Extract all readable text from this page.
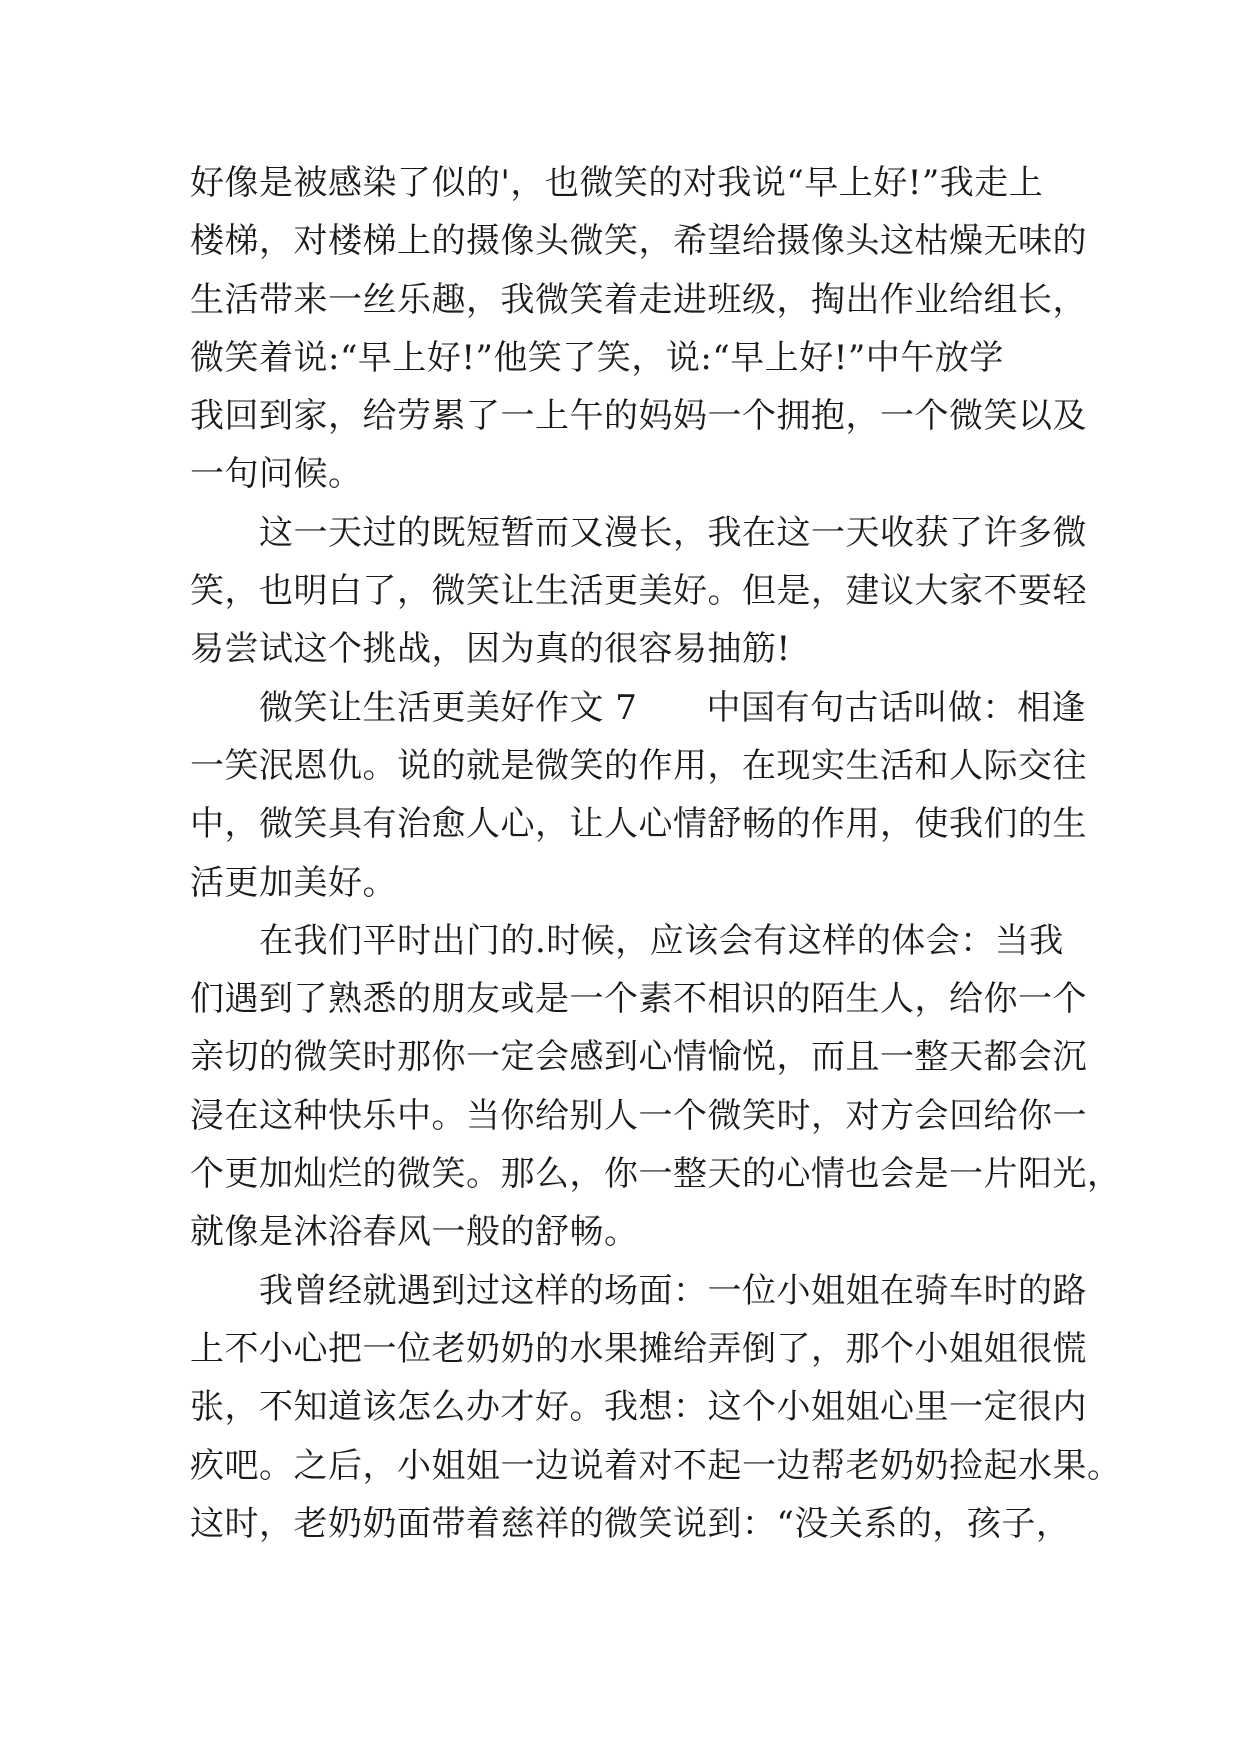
好像是被感染了似的'，也微笑的对我说“早上好!”我走上
楼梯，对楼梯上的摄像头微笑，希望给摄像头这枯燥无味的
生活带来一丝乐趣，我微笑着走进班级，掏出作业给组长，
微笑着说:“早上好!”他笑了笑，说:“早上好!”中午放学
我回到家，给劳累了一上午的妈妈一个拥抱，一个微笑以及
一句问候。
　　这一天过的既短暂而又漫长，我在这一天收获了许多微
笑，也明白了，微笑让生活更美好。但是，建议大家不要轻
易尝试这个挑战，因为真的很容易抽筋!
　　微笑让生活更美好作文 7　　中国有句古话叫做：相逢
一笑泯恩仇。说的就是微笑的作用，在现实生活和人际交往
中，微笑具有治愈人心，让人心情舒畅的作用，使我们的生
活更加美好。
　　在我们平时出门的.时候，应该会有这样的体会：当我
们遇到了熟悉的朋友或是一个素不相识的陌生人，给你一个
亲切的微笑时那你一定会感到心情愉悦，而且一整天都会沉
浸在这种快乐中。当你给别人一个微笑时，对方会回给你一
个更加灿烂的微笑。那么，你一整天的心情也会是一片阳光，
就像是沐浴春风一般的舒畅。
　　我曾经就遇到过这样的场面：一位小姐姐在骑车时的路
上不小心把一位老奶奶的水果摊给弄倒了，那个小姐姐很慌
张，不知道该怎么办才好。我想：这个小姐姐心里一定很内
疚吧。之后，小姐姐一边说着对不起一边帮老奶奶捡起水果。
这时，老奶奶面带着慈祥的微笑说到：“没关系的，孩子，
